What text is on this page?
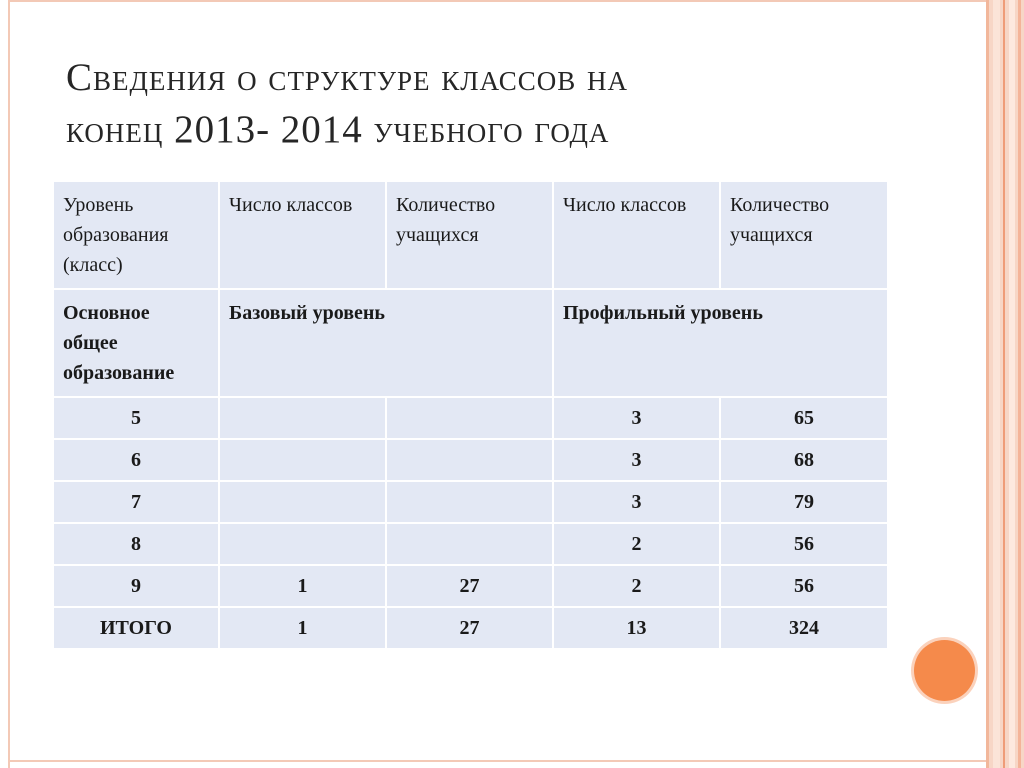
Сведения о структуре классов на
конец 2013- 2014 учебного года
Уровень образования (класс)	Число классов	Количество учащихся	Число классов	Количество учащихся
Основное общее образование	Базовый уровень		Профильный уровень	
5			3	65
6			3	68
7			3	79
8			2	56
9	1	27	2	56
ИТОГО	1	27	13	324
